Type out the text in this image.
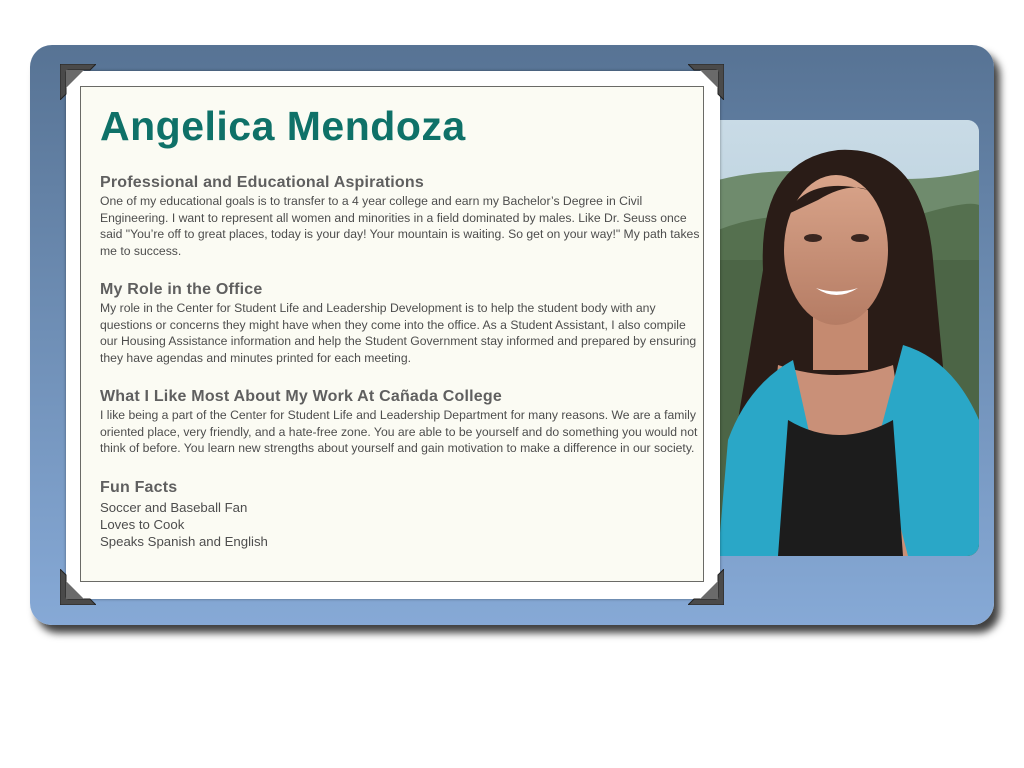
Angelica Mendoza
Professional and Educational Aspirations

One of my educational goals is to transfer to a 4 year college and earn my Bachelor’s Degree in Civil Engineering. I want to represent all women and minorities in a field dominated by males. Like Dr. Seuss once said "You’re off to great places, today is your day! Your mountain is waiting. So get on your way!" My path takes me to success.

My Role in the Office

My role in the Center for Student Life and Leadership Development is to help the student body with any questions or concerns they might have when they come into the office. As a Student Assistant, I also compile our Housing Assistance information and help the Student Government stay informed and prepared by ensuring they have agendas and minutes printed for each meeting.

What I Like Most About My Work At Cañada College

I like being a part of the Center for Student Life and Leadership Department for many reasons. We are a family oriented place, very friendly, and a hate-free zone. You are able to be yourself and do something you would not think of before. You learn new strengths about yourself and gain motivation to make a difference in our society.

Fun Facts
Soccer and Baseball Fan
Loves to Cook
Speaks Spanish and English
